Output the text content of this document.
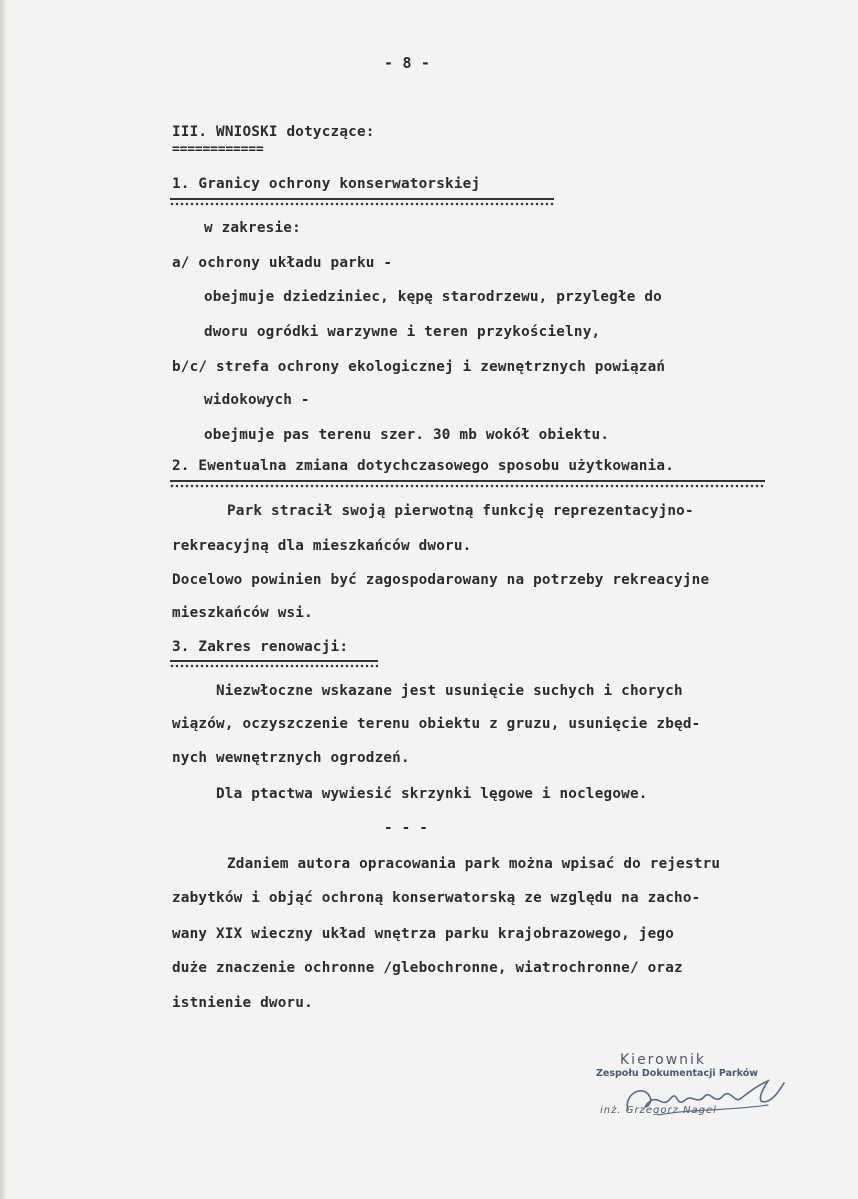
- 8 -
III. WNIOSKI dotyczące:
============
1. Granicy ochrony konserwatorskiej
w zakresie:
a/ ochrony układu parku -
obejmuje dziedziniec, kępę starodrzewu, przyległe do
dworu ogródki warzywne i teren przykościelny,
b/c/ strefa ochrony ekologicznej i zewnętrznych powiązań
widokowych -
obejmuje pas terenu szer. 30 mb wokół obiektu.
2. Ewentualna zmiana dotychczasowego sposobu użytkowania.
Park stracił swoją pierwotną funkcję reprezentacyjno-
rekreacyjną dla mieszkańców dworu.
Docelowo powinien być zagospodarowany na potrzeby rekreacyjne
mieszkańców wsi.
3. Zakres renowacji:
Niezwłoczne wskazane jest usunięcie suchych i chorych
wiązów, oczyszczenie terenu obiektu z gruzu, usunięcie zbęd-
nych wewnętrznych ogrodzeń.
Dla ptactwa wywiesić skrzynki lęgowe i noclegowe.
- - -
Zdaniem autora opracowania park można wpisać do rejestru
zabytków i objąć ochroną konserwatorską ze względu na zacho-
wany XIX wieczny układ wnętrza parku krajobrazowego, jego
duże znaczenie ochronne /glebochronne, wiatrochronne/ oraz
istnienie dworu.
Kierownik
Zespołu Dokumentacji Parków
inż. Grzegorz Nagel
